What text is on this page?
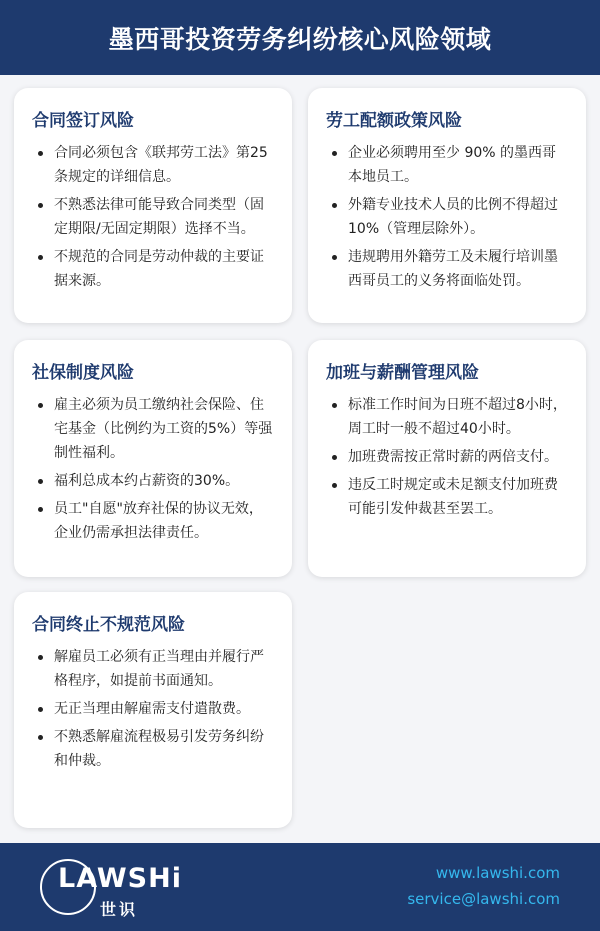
墨西哥投资劳务纠纷核心风险领域
合同签订风险
合同必须包含《联邦劳工法》第25条规定的详细信息。
不熟悉法律可能导致合同类型（固定期限/无固定期限）选择不当。
不规范的合同是劳动仲裁的主要证据来源。
劳工配额政策风险
企业必须聘用至少 90% 的墨西哥本地员工。
外籍专业技术人员的比例不得超过 10%（管理层除外）。
违规聘用外籍劳工及未履行培训墨西哥员工的义务将面临处罚。
社保制度风险
雇主必须为员工缴纳社会保险、住宅基金（比例约为工资的5%）等强制性福利。
福利总成本约占薪资的30%。
员工"自愿"放弃社保的协议无效，企业仍需承担法律责任。
加班与薪酬管理风险
标准工作时间为日班不超过8小时，周工时一般不超过40小时。
加班费需按正常时薪的两倍支付。
违反工时规定或未足额支付加班费可能引发仲裁甚至罢工。
合同终止不规范风险
解雇员工必须有正当理由并履行严格程序，如提前书面通知。
无正当理由解雇需支付遣散费。
不熟悉解雇流程极易引发劳务纠纷和仲裁。
LAWSHi
世识
www.lawshi.com
service@lawshi.com
